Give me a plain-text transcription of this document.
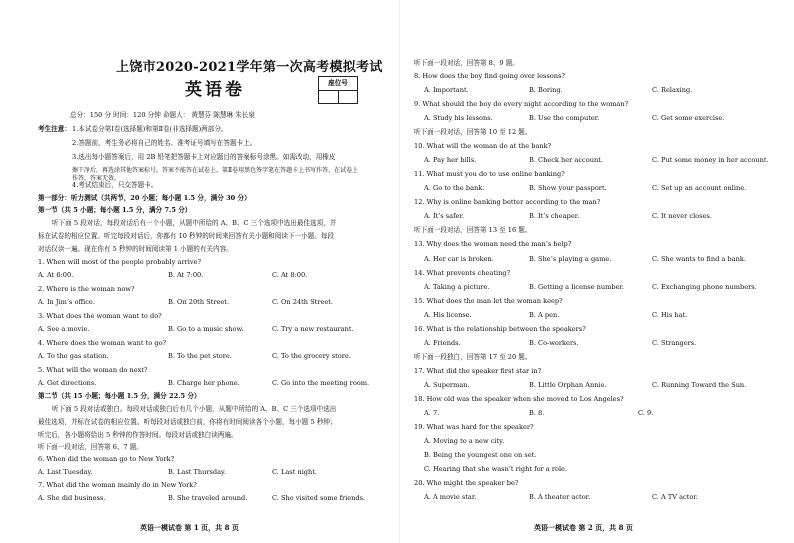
上饶市2020-2021学年第一次高考模拟考试
英语卷	座位号
总分：150 分 时间：120 分钟 命题人： 黄慧芬 陈慧琳 朱长泉
考生注意： 1.本试卷分第Ⅰ卷(选择题)和第Ⅱ卷(非选择题)两部分。
2.答题前，考生务必将自己的姓名、准考证号填写在答题卡上。
3.选出每小题答案后，用 2B 铅笔把答题卡上对应题目的答案标号涂黑。如需改动，用橡皮
擦干净后，再选涂其他答案标号。答案不能答在试卷上，第Ⅱ卷用黑色签字笔在答题卡上书写作答，在试卷上作答，答案无效。
4.考试结束后，只交答题卡。
第一部分：听力测试（共两节，20 小题；每小题 1.5 分，满分 30 分）
第一节（共 5 小题；每小题 1.5 分，满分 7.5 分）
听下面 5 段对话，每段对话后有一个小题，从题中所给的 A、B、C 三个选项中选出最佳选项，并
标在试卷的相应位置。听完每段对话后，你都有 10 秒钟的时间来回答有关小题和阅读下一小题。每段
对话仅读一遍。现在你有 5 秒钟的时间阅读第 1 小题的有关内容。
1. When will most of the people probably arrive?
A. At 6:00.	B. At 7:00.	C. At 8:00.
2. Where is the woman now?
A. In Jim’s office.	B. On 20th Street.	C. On 24th Street.
3. What does the woman want to do?
A. See a movie.	B. Go to a music show.	C. Try a new restaurant.
4. Where does the woman want to go?
A. To the gas station.	B. To the pet store.	C. To the grocery store.
5. What will the woman do next?
A. Get directions.	B. Charge her phone.	C. Go into the meeting room.
第二节（共 15 小题；每小题 1.5 分，满分 22.5 分）
听下面 5 段对话或独白。每段对话或独白后有几个小题，从题中所给的 A、B、C 三个选项中选出
最佳选项，并标在试卷的相应位置。听每段对话或独白前，你将有时间阅读各个小题，每小题 5 秒钟；
听完后，各小题将给出 5 秒钟的作答时间。每段对话或独白读两遍。
听下面一段对话，回答第 6、7 题。
6. When did the woman go to New York?
A. Last Tuesday.	B. Last Thursday.	C. Last night.
7. What did the woman mainly do in New York?
A. She did business.	B. She traveled around.	C. She visited some friends.
英语一模试卷 第 1 页，共 8 页
听下面一段对话，回答第 8、9 题。
8. How does the boy find going over lessons?
A. Important.	B. Boring.	C. Relaxing.
9. What should the boy do every night according to the woman?
A. Study his lessons.	B. Use the computer.	C. Get some exercise.
听下面一段对话，回答第 10 至 12 题。
10. What will the woman do at the bank?
A. Pay her bills.	B. Check her account.	C. Put some money in her account.
11. What must you do to use online banking?
A. Go to the bank.	B. Show your passport.	C. Set up an account online.
12. Why is online banking better according to the man?
A. It’s safer.	B. It’s cheaper.	C. It never closes.
听下面一段对话，回答第 13 至 16 题。
13. Why does the woman need the man’s help?
A. Her car is broken.	B. She’s playing a game.	C. She wants to find a bank.
14. What prevents cheating?
A. Taking a picture.	B. Getting a license number.	C. Exchanging phone numbers.
15. What does the man let the woman keep?
A. His license.	B. A pen.	C. His hat.
16. What is the relationship between the speakers?
A. Friends.	B. Co-workers.	C. Strangers.
听下面一段独白，回答第 17 至 20 题。
17. What did the speaker first star in?
A. Superman.	B. Little Orphan Annie.	C. Running Toward the Sun.
18. How old was the speaker when she moved to Los Angeles?
A. 7.	B. 8.	C. 9.
19. What was hard for the speaker?
A. Moving to a new city.
B. Being the youngest one on set.
C. Hearing that she wasn’t right for a role.
20. Who might the speaker be?
A. A movie star.	B. A theater actor.	C. A TV actor.
英语一模试卷 第 2 页，共 8 页
